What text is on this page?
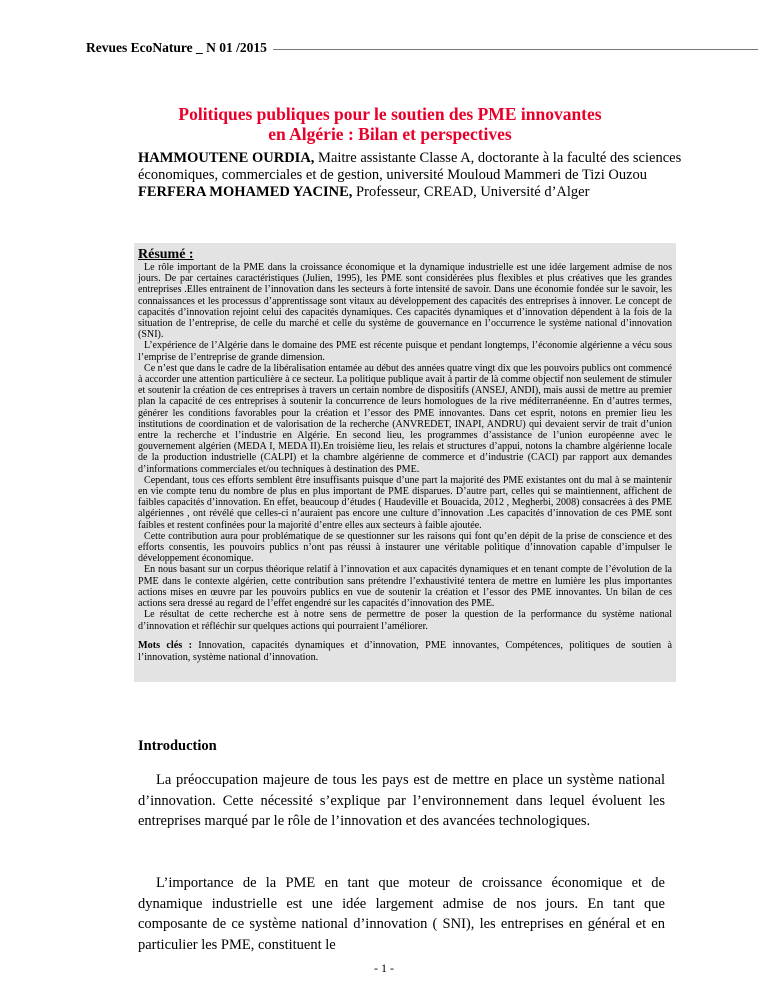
Revues EcoNature _ N 01 /2015
Politiques publiques pour le soutien des PME innovantes
en Algérie : Bilan et perspectives
HAMMOUTENE OURDIA, Maitre assistante Classe A, doctorante à la faculté des sciences économiques, commerciales et de gestion, université Mouloud Mammeri de Tizi Ouzou
FERFERA MOHAMED YACINE, Professeur, CREAD, Université d’Alger
Résumé :

Le rôle important de la PME dans la croissance économique et la dynamique industrielle est une idée largement admise de nos jours. De par certaines caractéristiques (Julien, 1995), les PME sont considérées plus flexibles et plus créatives que les grandes entreprises .Elles entrainent de l’innovation dans les secteurs à forte intensité de savoir. Dans une économie fondée sur le savoir, les connaissances et les processus d’apprentissage sont vitaux au développement des capacités des entreprises à innover. Le concept de capacités d’innovation rejoint celui des capacités dynamiques. Ces capacités dynamiques et d’innovation dépendent à la fois de la situation de l’entreprise, de celle du marché et celle du système de gouvernance en l’occurrence le système national d’innovation (SNI).

L’expérience de l’Algérie dans le domaine des PME est récente puisque et pendant longtemps, l’économie algérienne a vécu sous l’emprise de l’entreprise de grande dimension.

Ce n’est que dans le cadre de la libéralisation entamée au début des années quatre vingt dix que les pouvoirs publics ont commencé à accorder une attention particulière à ce secteur. La politique publique avait à partir de là comme objectif non seulement de stimuler et soutenir la création de ces entreprises à travers un certain nombre de dispositifs (ANSEJ, ANDI), mais aussi de mettre au premier plan la capacité de ces entreprises à soutenir la concurrence de leurs homologues de la rive méditerranéenne. En d’autres termes, générer les conditions favorables pour la création et l’essor des PME innovantes. Dans cet esprit, notons en premier lieu les institutions de coordination et de valorisation de la recherche (ANVREDET, INAPI, ANDRU) qui devaient servir de trait d’union entre la recherche et l’industrie en Algérie. En second lieu, les programmes d’assistance de l’union européenne avec le gouvernement algérien (MEDA I, MEDA II).En troisième lieu, les relais et structures d’appui, notons la chambre algérienne locale de la production industrielle (CALPI) et la chambre algérienne de commerce et d’industrie (CACI) par rapport aux demandes d’informations commerciales et/ou techniques à destination des PME.

Cependant, tous ces efforts semblent être insuffisants puisque d’une part la majorité des PME existantes ont du mal à se maintenir en vie compte tenu du nombre de plus en plus important de PME disparues. D’autre part, celles qui se maintiennent, affichent de faibles capacités d’innovation. En effet, beaucoup d’études ( Haudeville et Bouacida, 2012 , Megherbi, 2008) consacrées à des PME algériennes , ont révélé que celles-ci n’auraient pas encore une culture d’innovation .Les capacités d’innovation de ces PME sont faibles et restent confinées pour la majorité d’entre elles aux secteurs à faible ajoutée.

Cette contribution aura pour problématique de se questionner sur les raisons qui font qu’en dépit de la prise de conscience et des efforts consentis, les pouvoirs publics n’ont pas réussi à instaurer une véritable politique d’innovation capable d’impulser le développement économique.

En nous basant sur un corpus théorique relatif à l’innovation et aux capacités dynamiques et en tenant compte de l’évolution de la PME dans le contexte algérien, cette contribution sans prétendre l’exhaustivité tentera de mettre en lumière les plus importantes actions mises en œuvre par les pouvoirs publics en vue de soutenir la création et l’essor des PME innovantes. Un bilan de ces actions sera dressé au regard de l’effet engendré sur les capacités d’innovation des PME.

Le résultat de cette recherche est à notre sens de permettre de poser la question de la performance du système national d’innovation et réfléchir sur quelques actions qui pourraient l’améliorer.

Mots clés : Innovation, capacités dynamiques et d’innovation, PME innovantes, Compétences, politiques de soutien à l’innovation, système national d’innovation.
Introduction

La préoccupation majeure de tous les pays est de mettre en place un système national d’innovation. Cette nécessité s’explique par l’environnement dans lequel évoluent les entreprises marqué par le rôle de l’innovation et des avancées technologiques.

L’importance de la PME en tant que moteur de croissance économique et de dynamique industrielle est une idée largement admise de nos jours. En tant que composante de ce système national d’innovation ( SNI), les entreprises en général et en particulier les PME, constituent le

- 1 -
